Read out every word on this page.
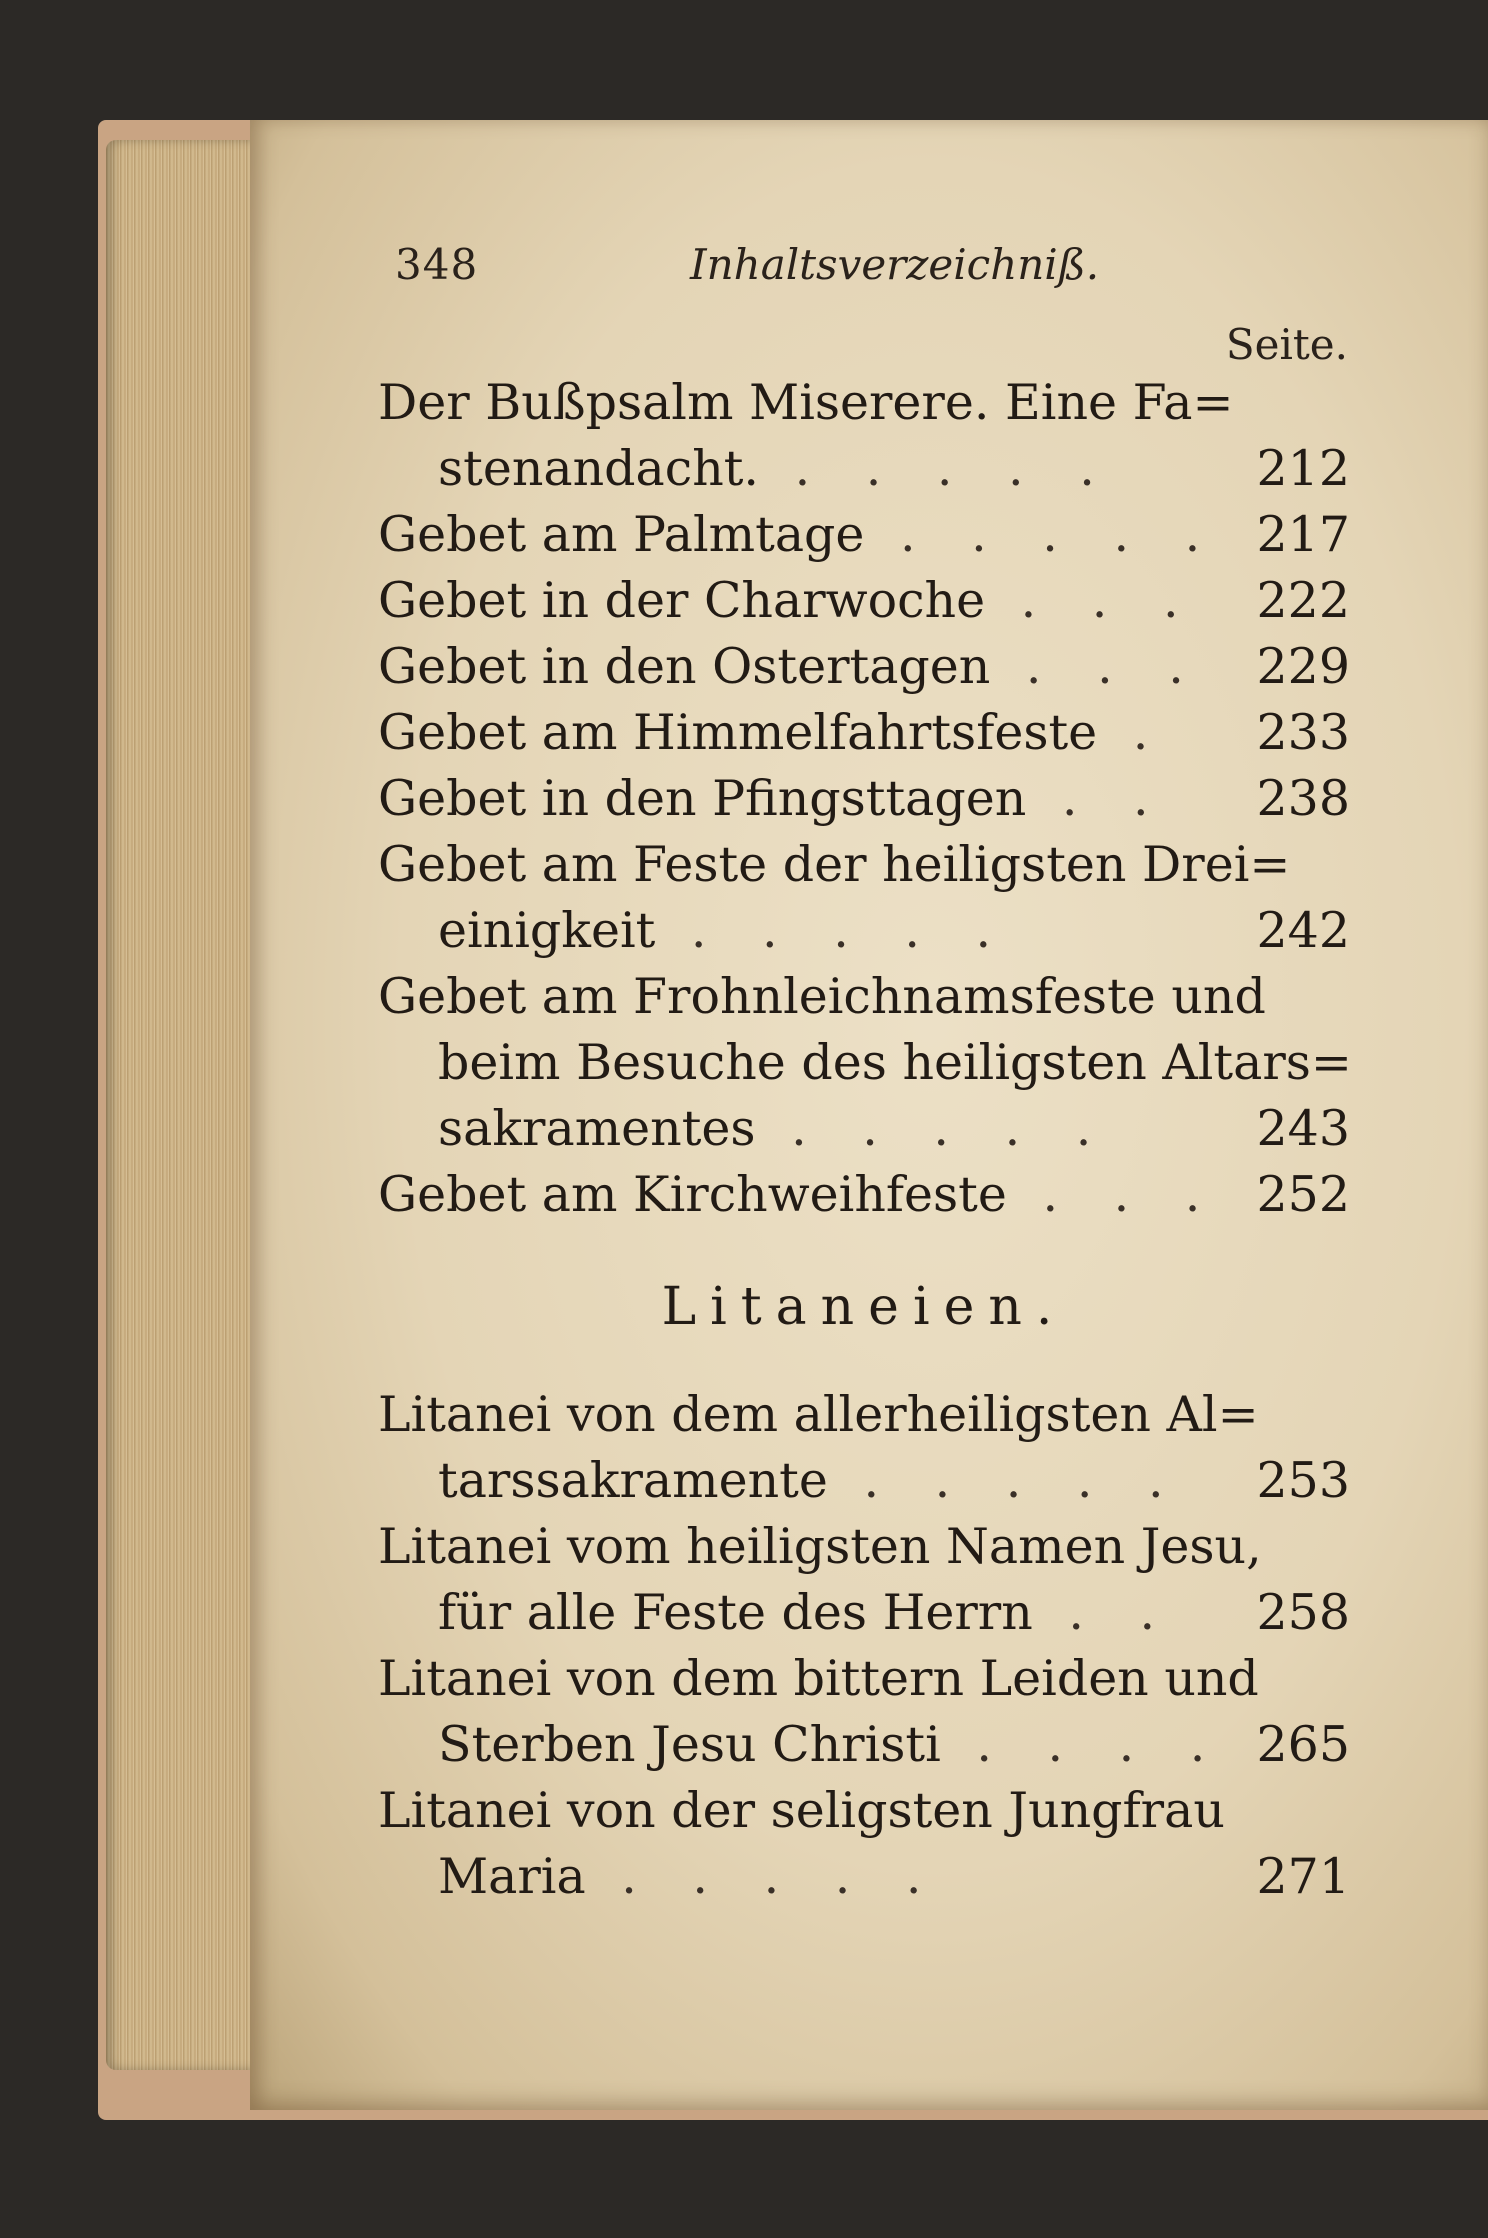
348	Inhaltsverzeichniß.
Seite.
Der Bußpsalm Miserere. Eine Fa=
stenandacht. . . . . .	212
Gebet am Palmtage . . . . . 217
Gebet in der Charwoche . . . 222
Gebet in den Ostertagen . . . 229
Gebet am Himmelfahrtsfeste . 233
Gebet in den Pfingsttagen . . 238
Gebet am Feste der heiligsten Drei=
einigkeit . . . . .	242
Gebet am Frohnleichnamsfeste und
beim Besuche des heiligsten Altars=
sakramentes . . . . .	243
Gebet am Kirchweihfeste . . . 252
Litaneien.
Litanei von dem allerheiligsten Al=
tarssakramente . . . . . 253
Litanei vom heiligsten Namen Jesu,
für alle Feste des Herrn . . 258
Litanei von dem bittern Leiden und
Sterben Jesu Christi . . . . 265
Litanei von der seligsten Jungfrau
Maria . . . . .	271
